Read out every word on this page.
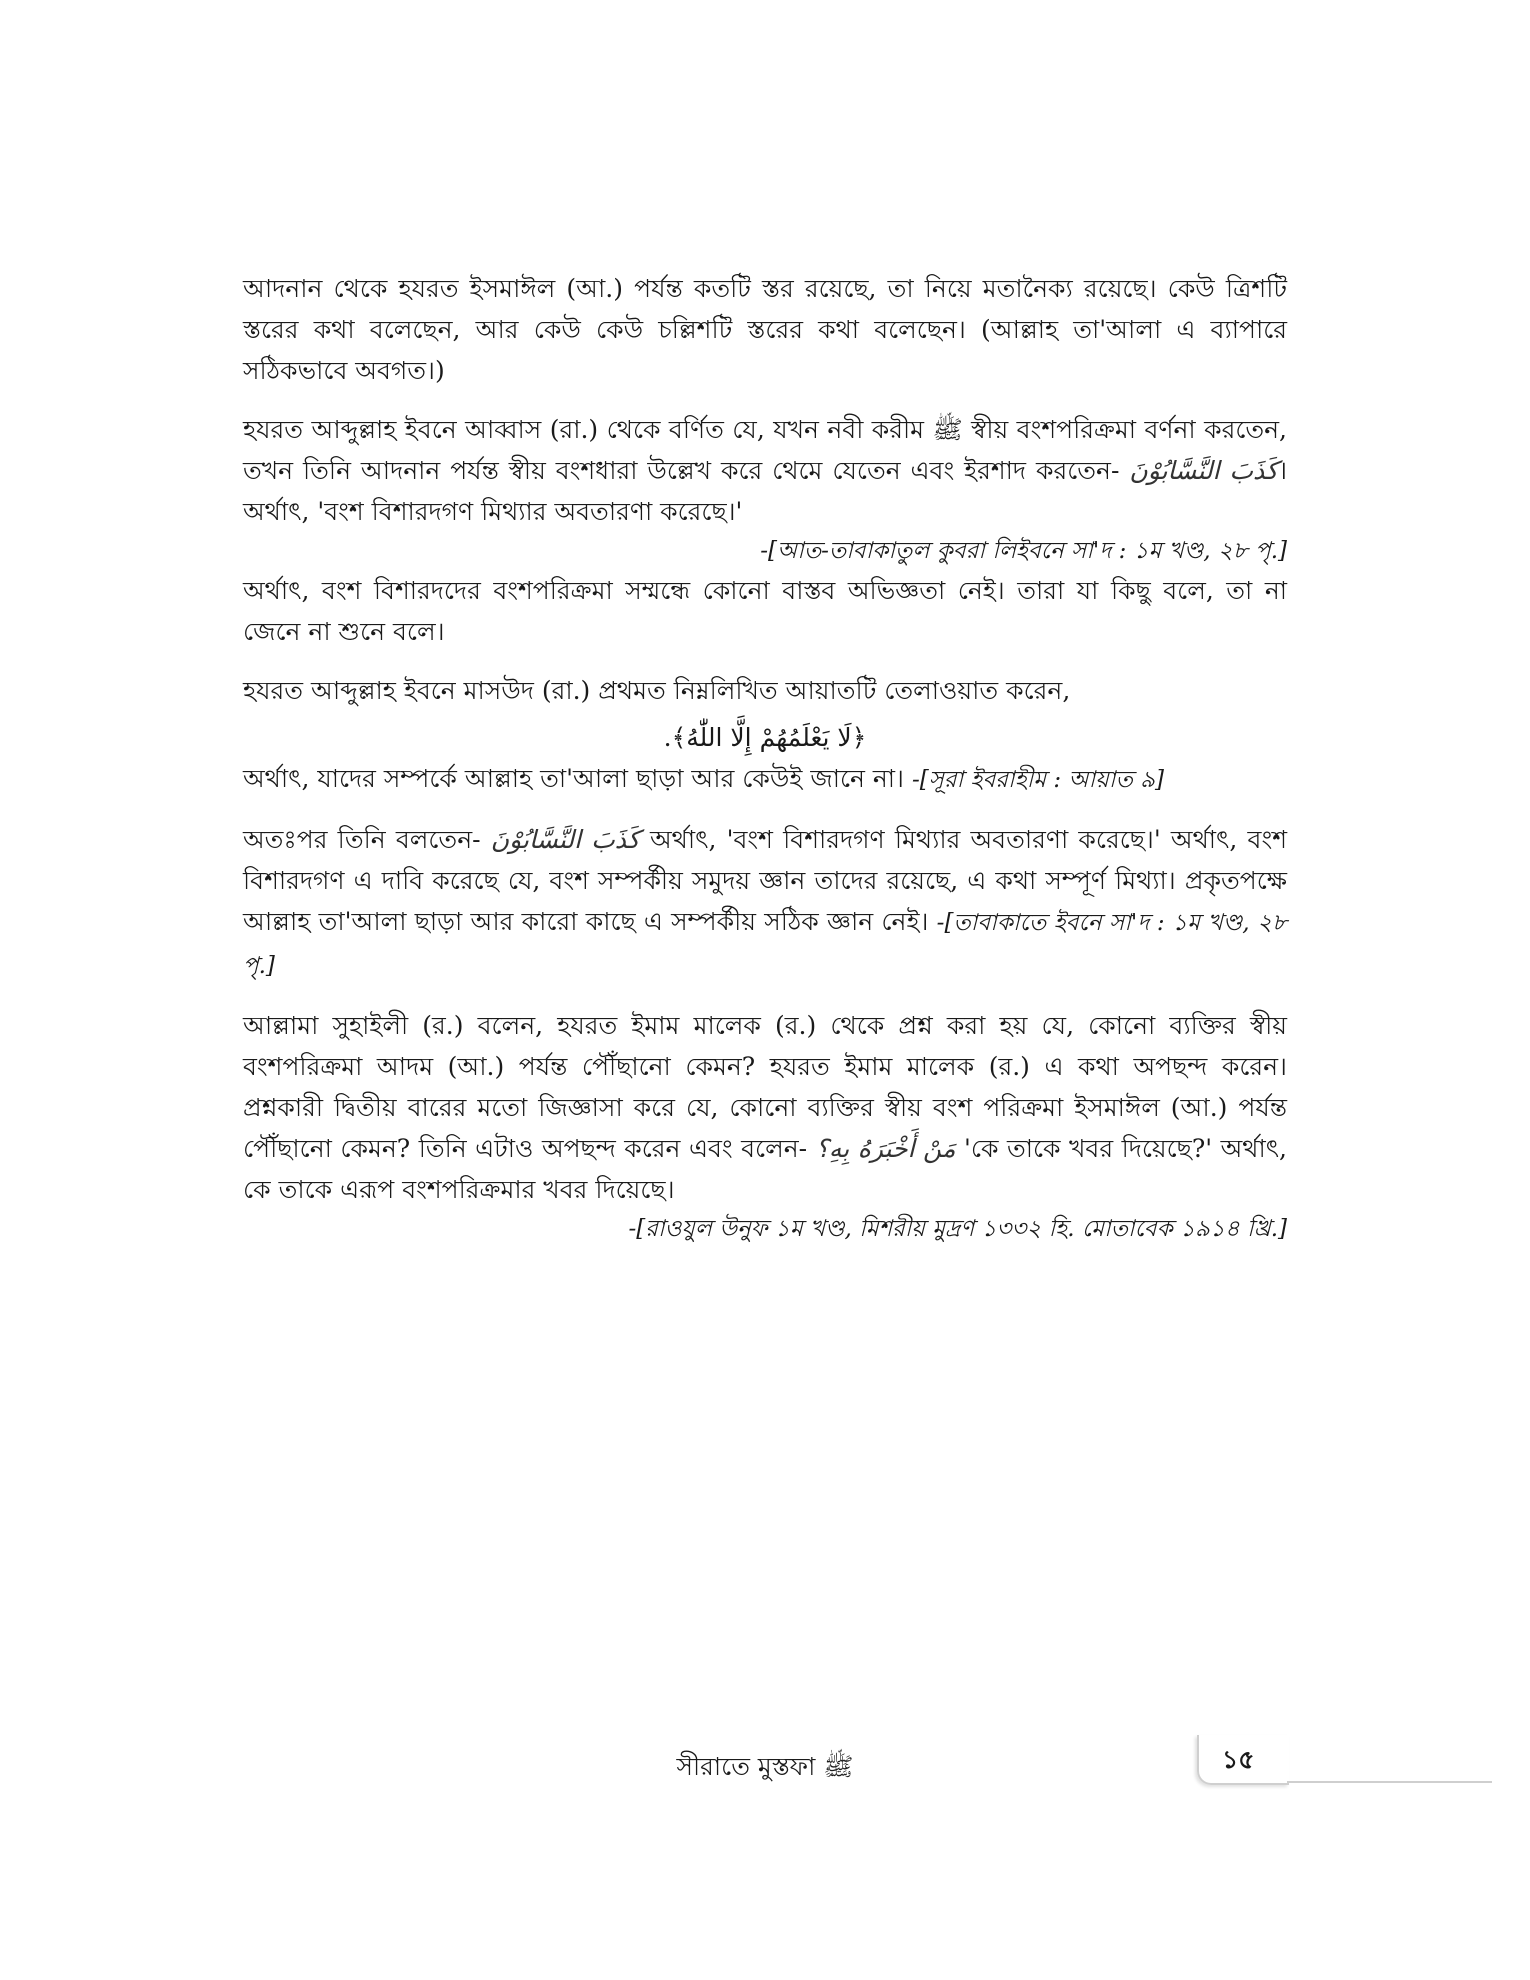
আদনান থেকে হযরত ইসমাঈল (আ.) পর্যন্ত কতটি স্তর রয়েছে, তা নিয়ে মতানৈক্য রয়েছে। কেউ ত্রিশটি স্তরের কথা বলেছেন, আর কেউ কেউ চল্লিশটি স্তরের কথা বলেছেন। (আল্লাহ তা'আলা এ ব্যাপারে সঠিকভাবে অবগত।)

হযরত আব্দুল্লাহ ইবনে আব্বাস (রা.) থেকে বর্ণিত যে, যখন নবী করীম ﷺ স্বীয় বংশপরিক্রমা বর্ণনা করতেন, তখন তিনি আদনান পর্যন্ত স্বীয় বংশধারা উল্লেখ করে থেমে যেতেন এবং ইরশাদ করতেন- كَذَبَ النَّسَّابُوْنَ। অর্থাৎ, 'বংশ বিশারদগণ মিথ্যার অবতারণা করেছে।'

-[আত-তাবাকাতুল কুবরা লিইবনে সা'দ : ১ম খণ্ড, ২৮ পৃ.]

অর্থাৎ, বংশ বিশারদদের বংশপরিক্রমা সম্মন্ধে কোনো বাস্তব অভিজ্ঞতা নেই। তারা যা কিছু বলে, তা না জেনে না শুনে বলে।

হযরত আব্দুল্লাহ ইবনে মাসউদ (রা.) প্রথমত নিম্নলিখিত আয়াতটি তেলাওয়াত করেন,

﴿لَا يَعْلَمُهُمْ إِلَّا اللّٰهُ﴾.

অর্থাৎ, যাদের সম্পর্কে আল্লাহ তা'আলা ছাড়া আর কেউই জানে না। -[সূরা ইবরাহীম : আয়াত ৯]

অতঃপর তিনি বলতেন- كَذَبَ النَّسَّابُوْنَ অর্থাৎ, 'বংশ বিশারদগণ মিথ্যার অবতারণা করেছে।' অর্থাৎ, বংশ বিশারদগণ এ দাবি করেছে যে, বংশ সম্পর্কীয় সমুদয় জ্ঞান তাদের রয়েছে, এ কথা সম্পূর্ণ মিথ্যা। প্রকৃতপক্ষে আল্লাহ তা'আলা ছাড়া আর কারো কাছে এ সম্পর্কীয় সঠিক জ্ঞান নেই। -[তাবাকাতে ইবনে সা'দ : ১ম খণ্ড, ২৮ পৃ.]

আল্লামা সুহাইলী (র.) বলেন, হযরত ইমাম মালেক (র.) থেকে প্রশ্ন করা হয় যে, কোনো ব্যক্তির স্বীয় বংশপরিক্রমা আদম (আ.) পর্যন্ত পৌঁছানো কেমন? হযরত ইমাম মালেক (র.) এ কথা অপছন্দ করেন। প্রশ্নকারী দ্বিতীয় বারের মতো জিজ্ঞাসা করে যে, কোনো ব্যক্তির স্বীয় বংশ পরিক্রমা ইসমাঈল (আ.) পর্যন্ত পৌঁছানো কেমন? তিনি এটাও অপছন্দ করেন এবং বলেন- مَنْ أَخْبَرَهُ بِهِ؟ 'কে তাকে খবর দিয়েছে?' অর্থাৎ, কে তাকে এরূপ বংশপরিক্রমার খবর দিয়েছে।

-[রাওযুল উনুফ ১ম খণ্ড, মিশরীয় মুদ্রণ ১৩৩২ হি. মোতাবেক ১৯১৪ খ্রি.]
সীরাতে মুস্তফা ﷺ	১৫
